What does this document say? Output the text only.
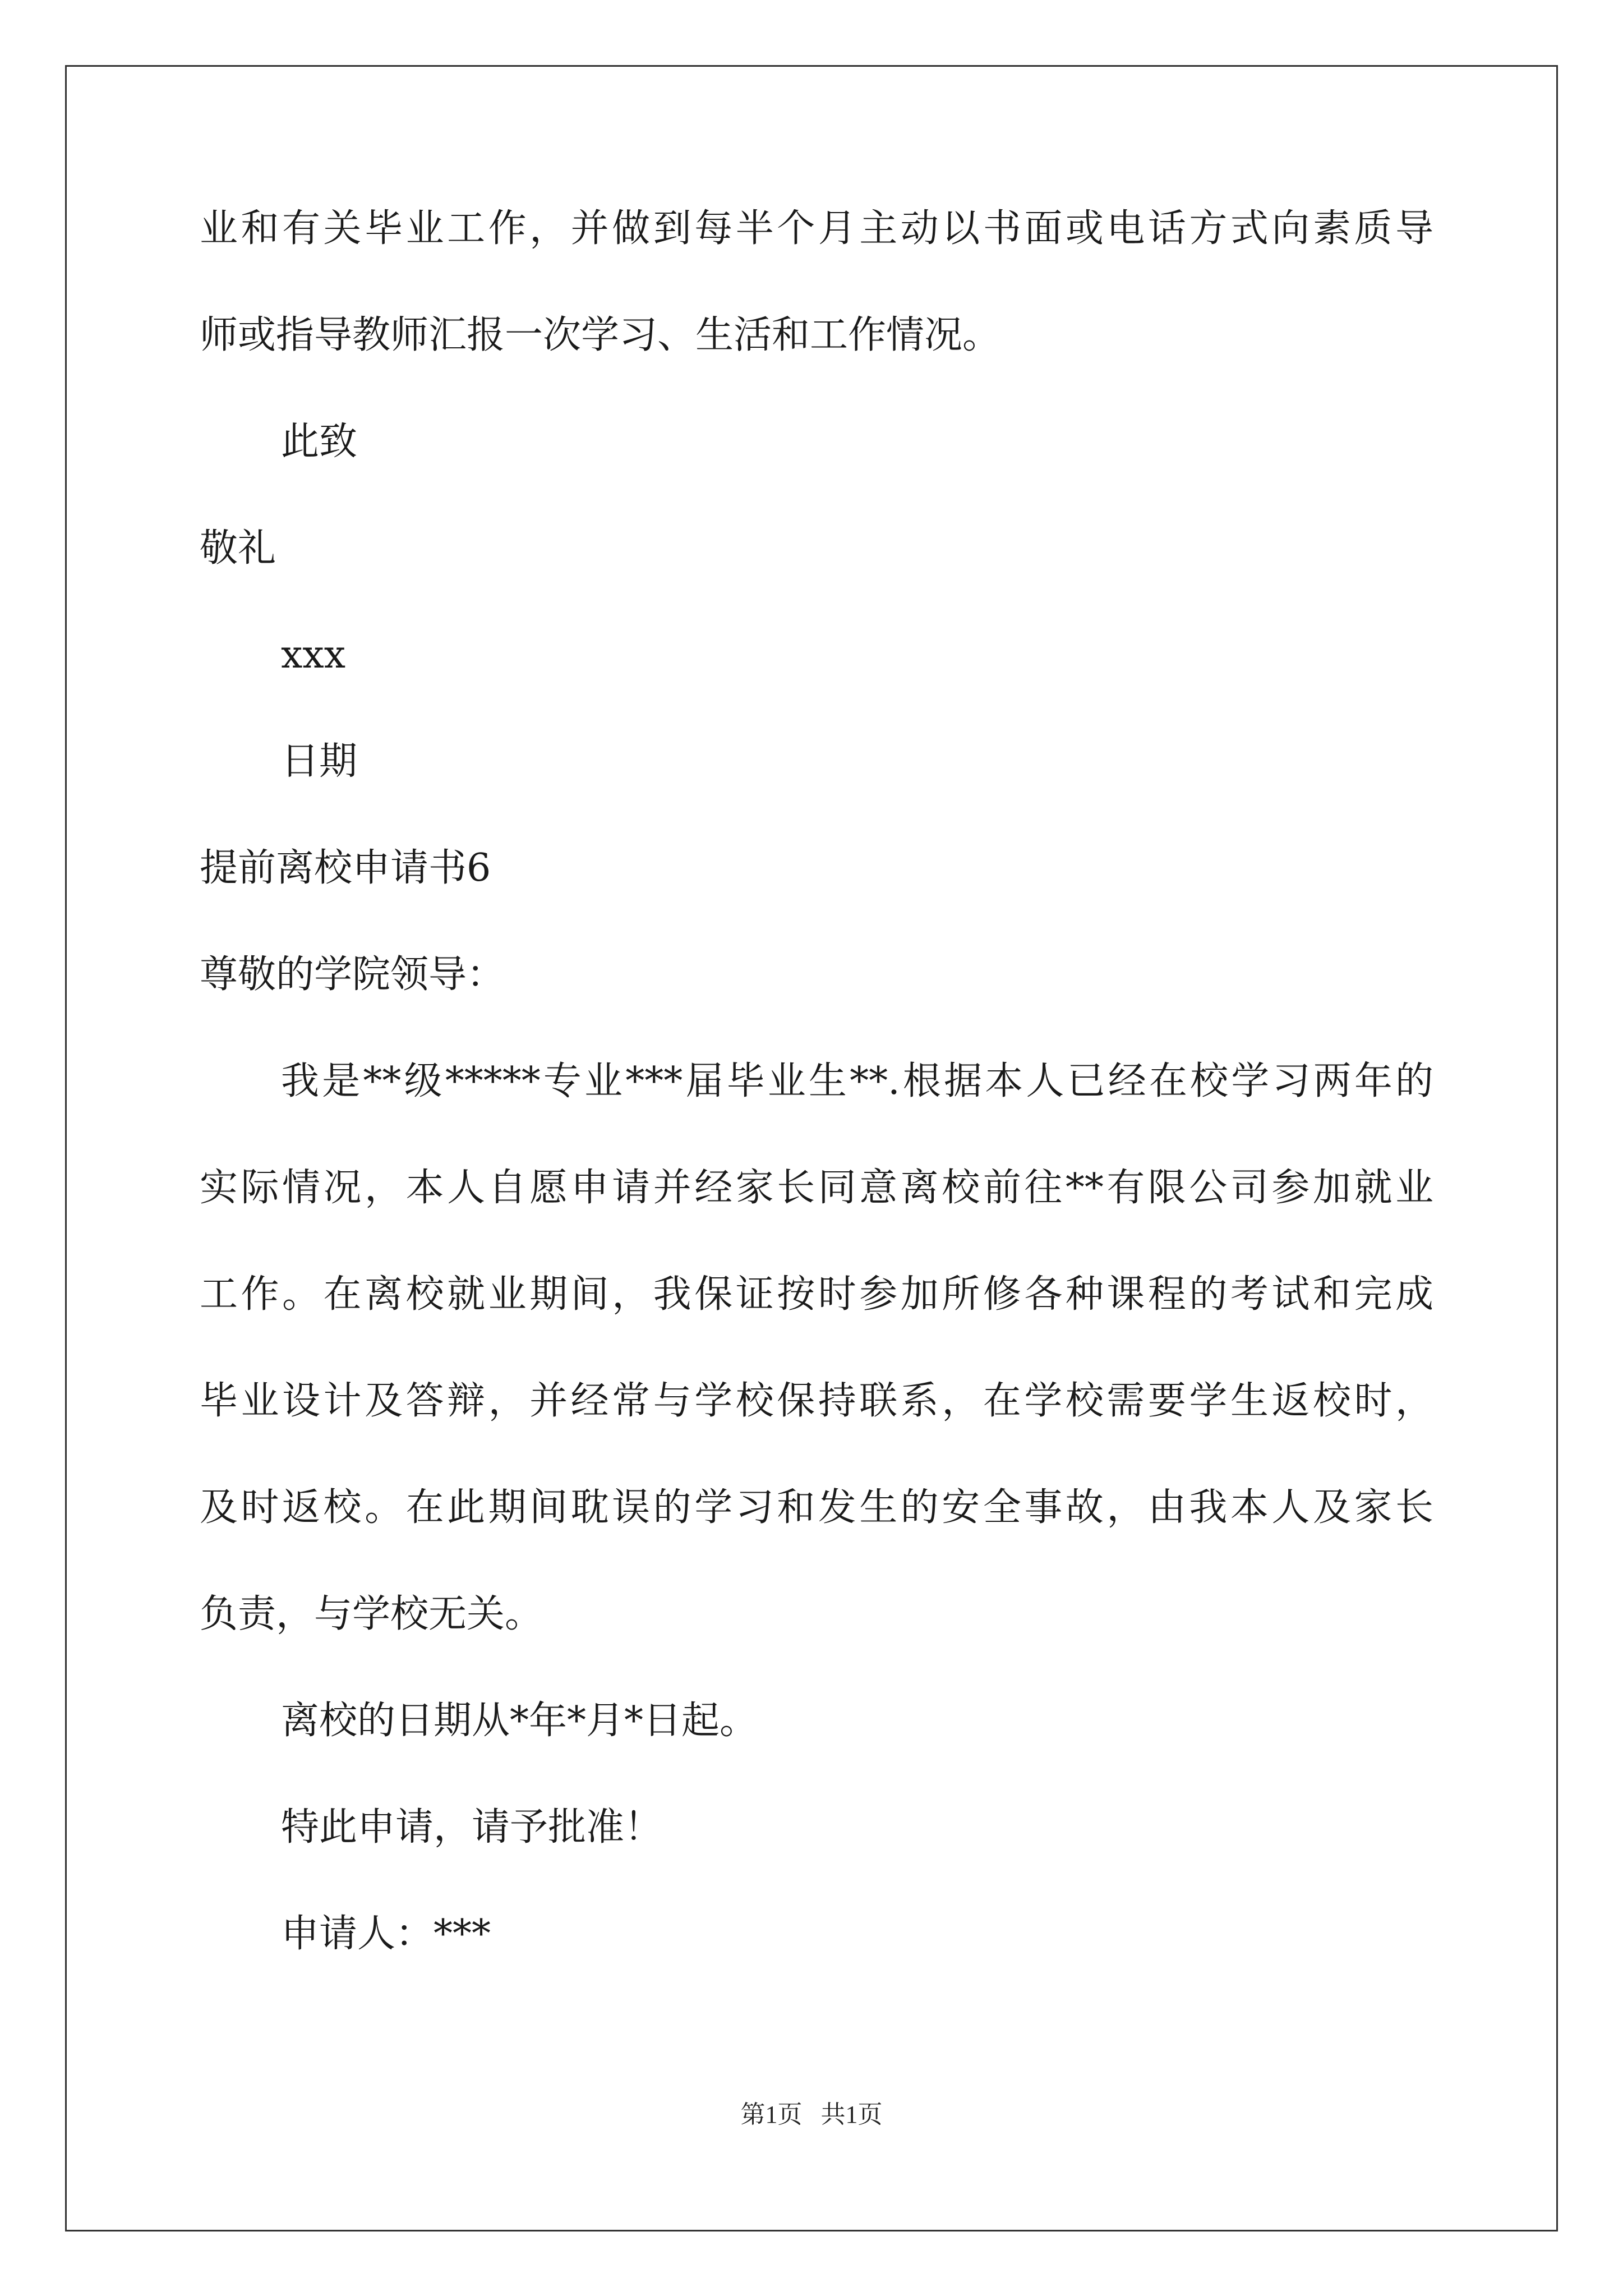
业和有关毕业工作，并做到每半个月主动以书面或电话方式向素质导
师或指导教师汇报一次学习、生活和工作情况。
此致
敬礼
xxx
日期
提前离校申请书6
尊敬的学院领导：
我是**级*****专业***届毕业生**.根据本人已经在校学习两年的
实际情况，本人自愿申请并经家长同意离校前往**有限公司参加就业
工作。在离校就业期间，我保证按时参加所修各种课程的考试和完成
毕业设计及答辩，并经常与学校保持联系，在学校需要学生返校时，
及时返校。在此期间耽误的学习和发生的安全事故，由我本人及家长
负责，与学校无关。
离校的日期从*年*月*日起。
特此申请，请予批准！
申请人：***
第1页   共1页
